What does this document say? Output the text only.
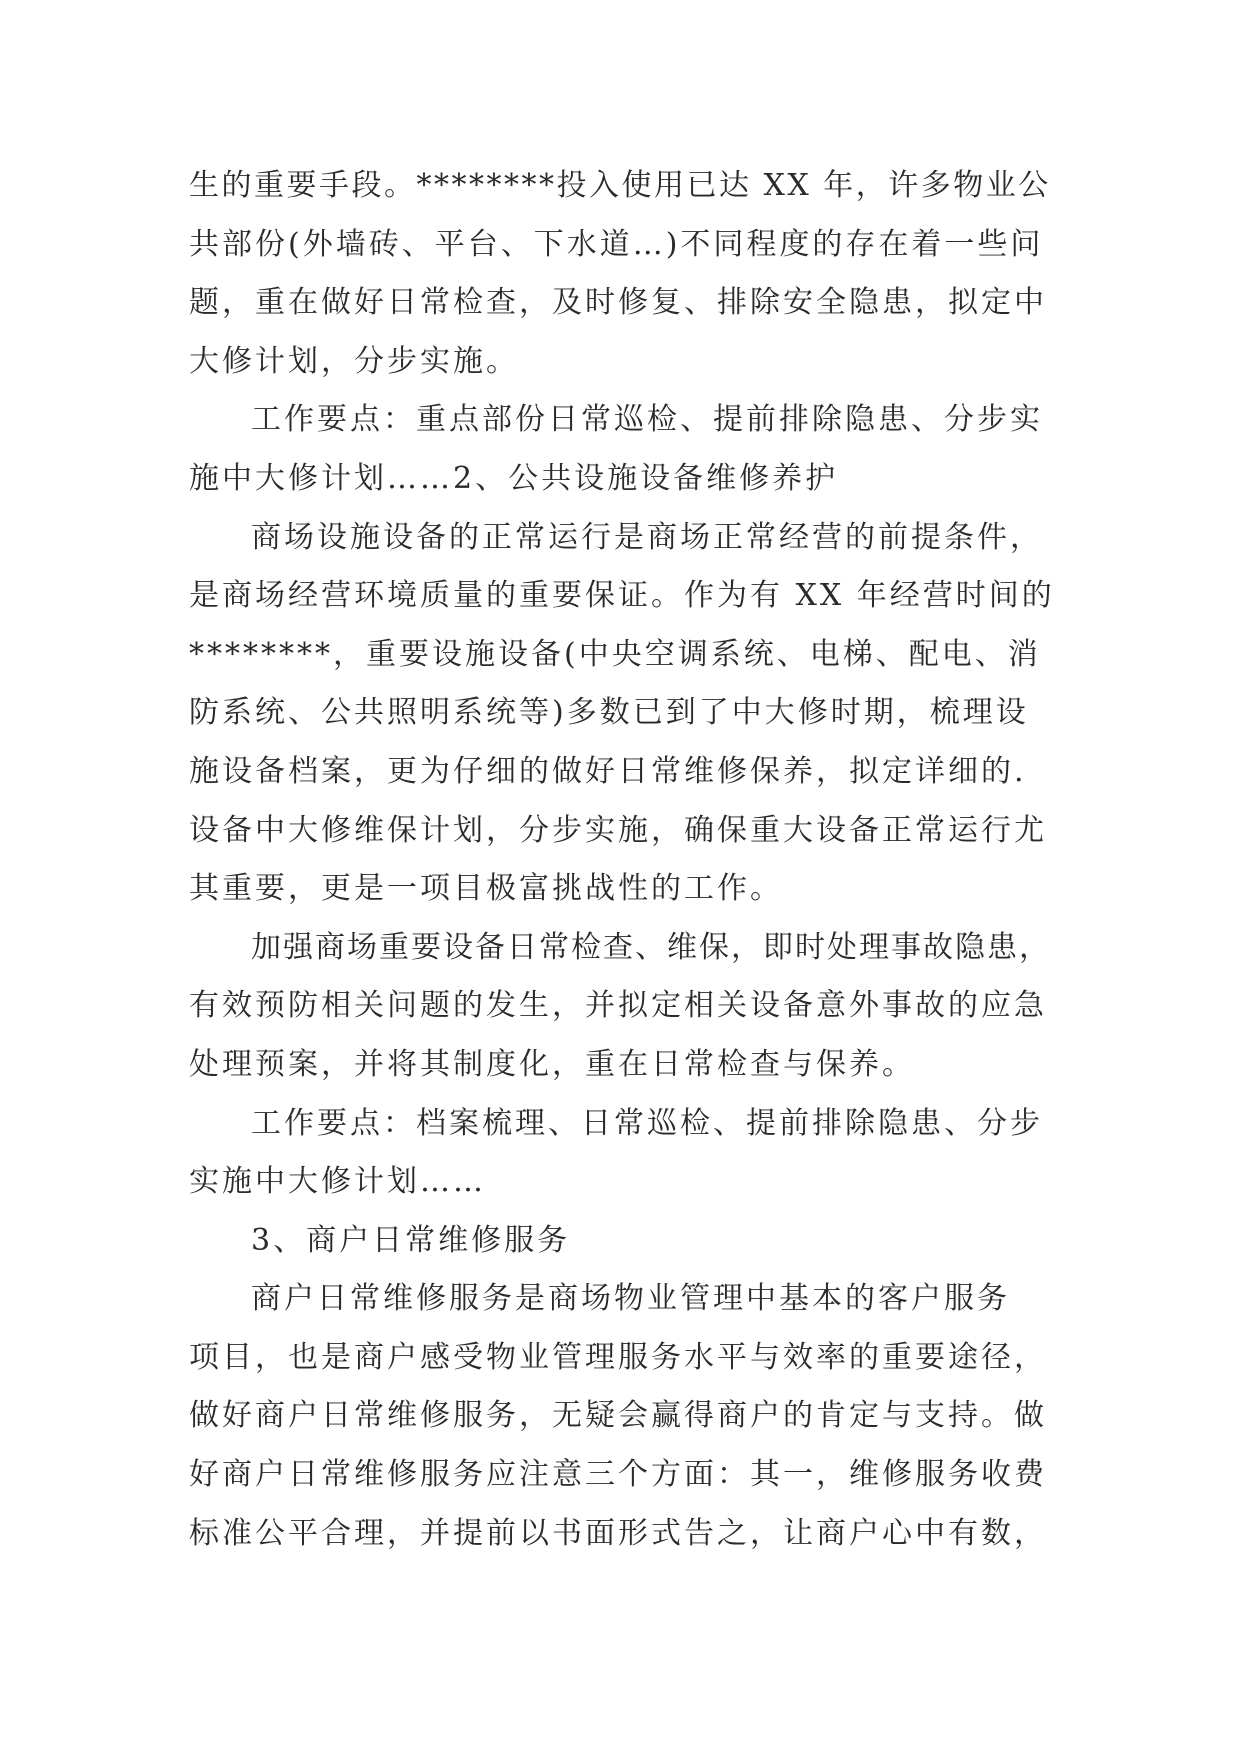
生的重要手段。********投入使用已达 XX 年，许多物业公
共部份(外墙砖、平台、下水道…)不同程度的存在着一些问
题，重在做好日常检查，及时修复、排除安全隐患，拟定中
大修计划，分步实施。
工作要点：重点部份日常巡检、提前排除隐患、分步实
施中大修计划……2、公共设施设备维修养护
商场设施设备的正常运行是商场正常经营的前提条件，
是商场经营环境质量的重要保证。作为有 XX 年经营时间的
********，重要设施设备(中央空调系统、电梯、配电、消
防系统、公共照明系统等)多数已到了中大修时期，梳理设
施设备档案，更为仔细的做好日常维修保养，拟定详细的.
设备中大修维保计划，分步实施，确保重大设备正常运行尤
其重要，更是一项目极富挑战性的工作。
加强商场重要设备日常检查、维保，即时处理事故隐患，
有效预防相关问题的发生，并拟定相关设备意外事故的应急
处理预案，并将其制度化，重在日常检查与保养。
工作要点：档案梳理、日常巡检、提前排除隐患、分步
实施中大修计划……
3、商户日常维修服务
商户日常维修服务是商场物业管理中基本的客户服务
项目，也是商户感受物业管理服务水平与效率的重要途径，
做好商户日常维修服务，无疑会赢得商户的肯定与支持。做
好商户日常维修服务应注意三个方面：其一，维修服务收费
标准公平合理，并提前以书面形式告之，让商户心中有数，
